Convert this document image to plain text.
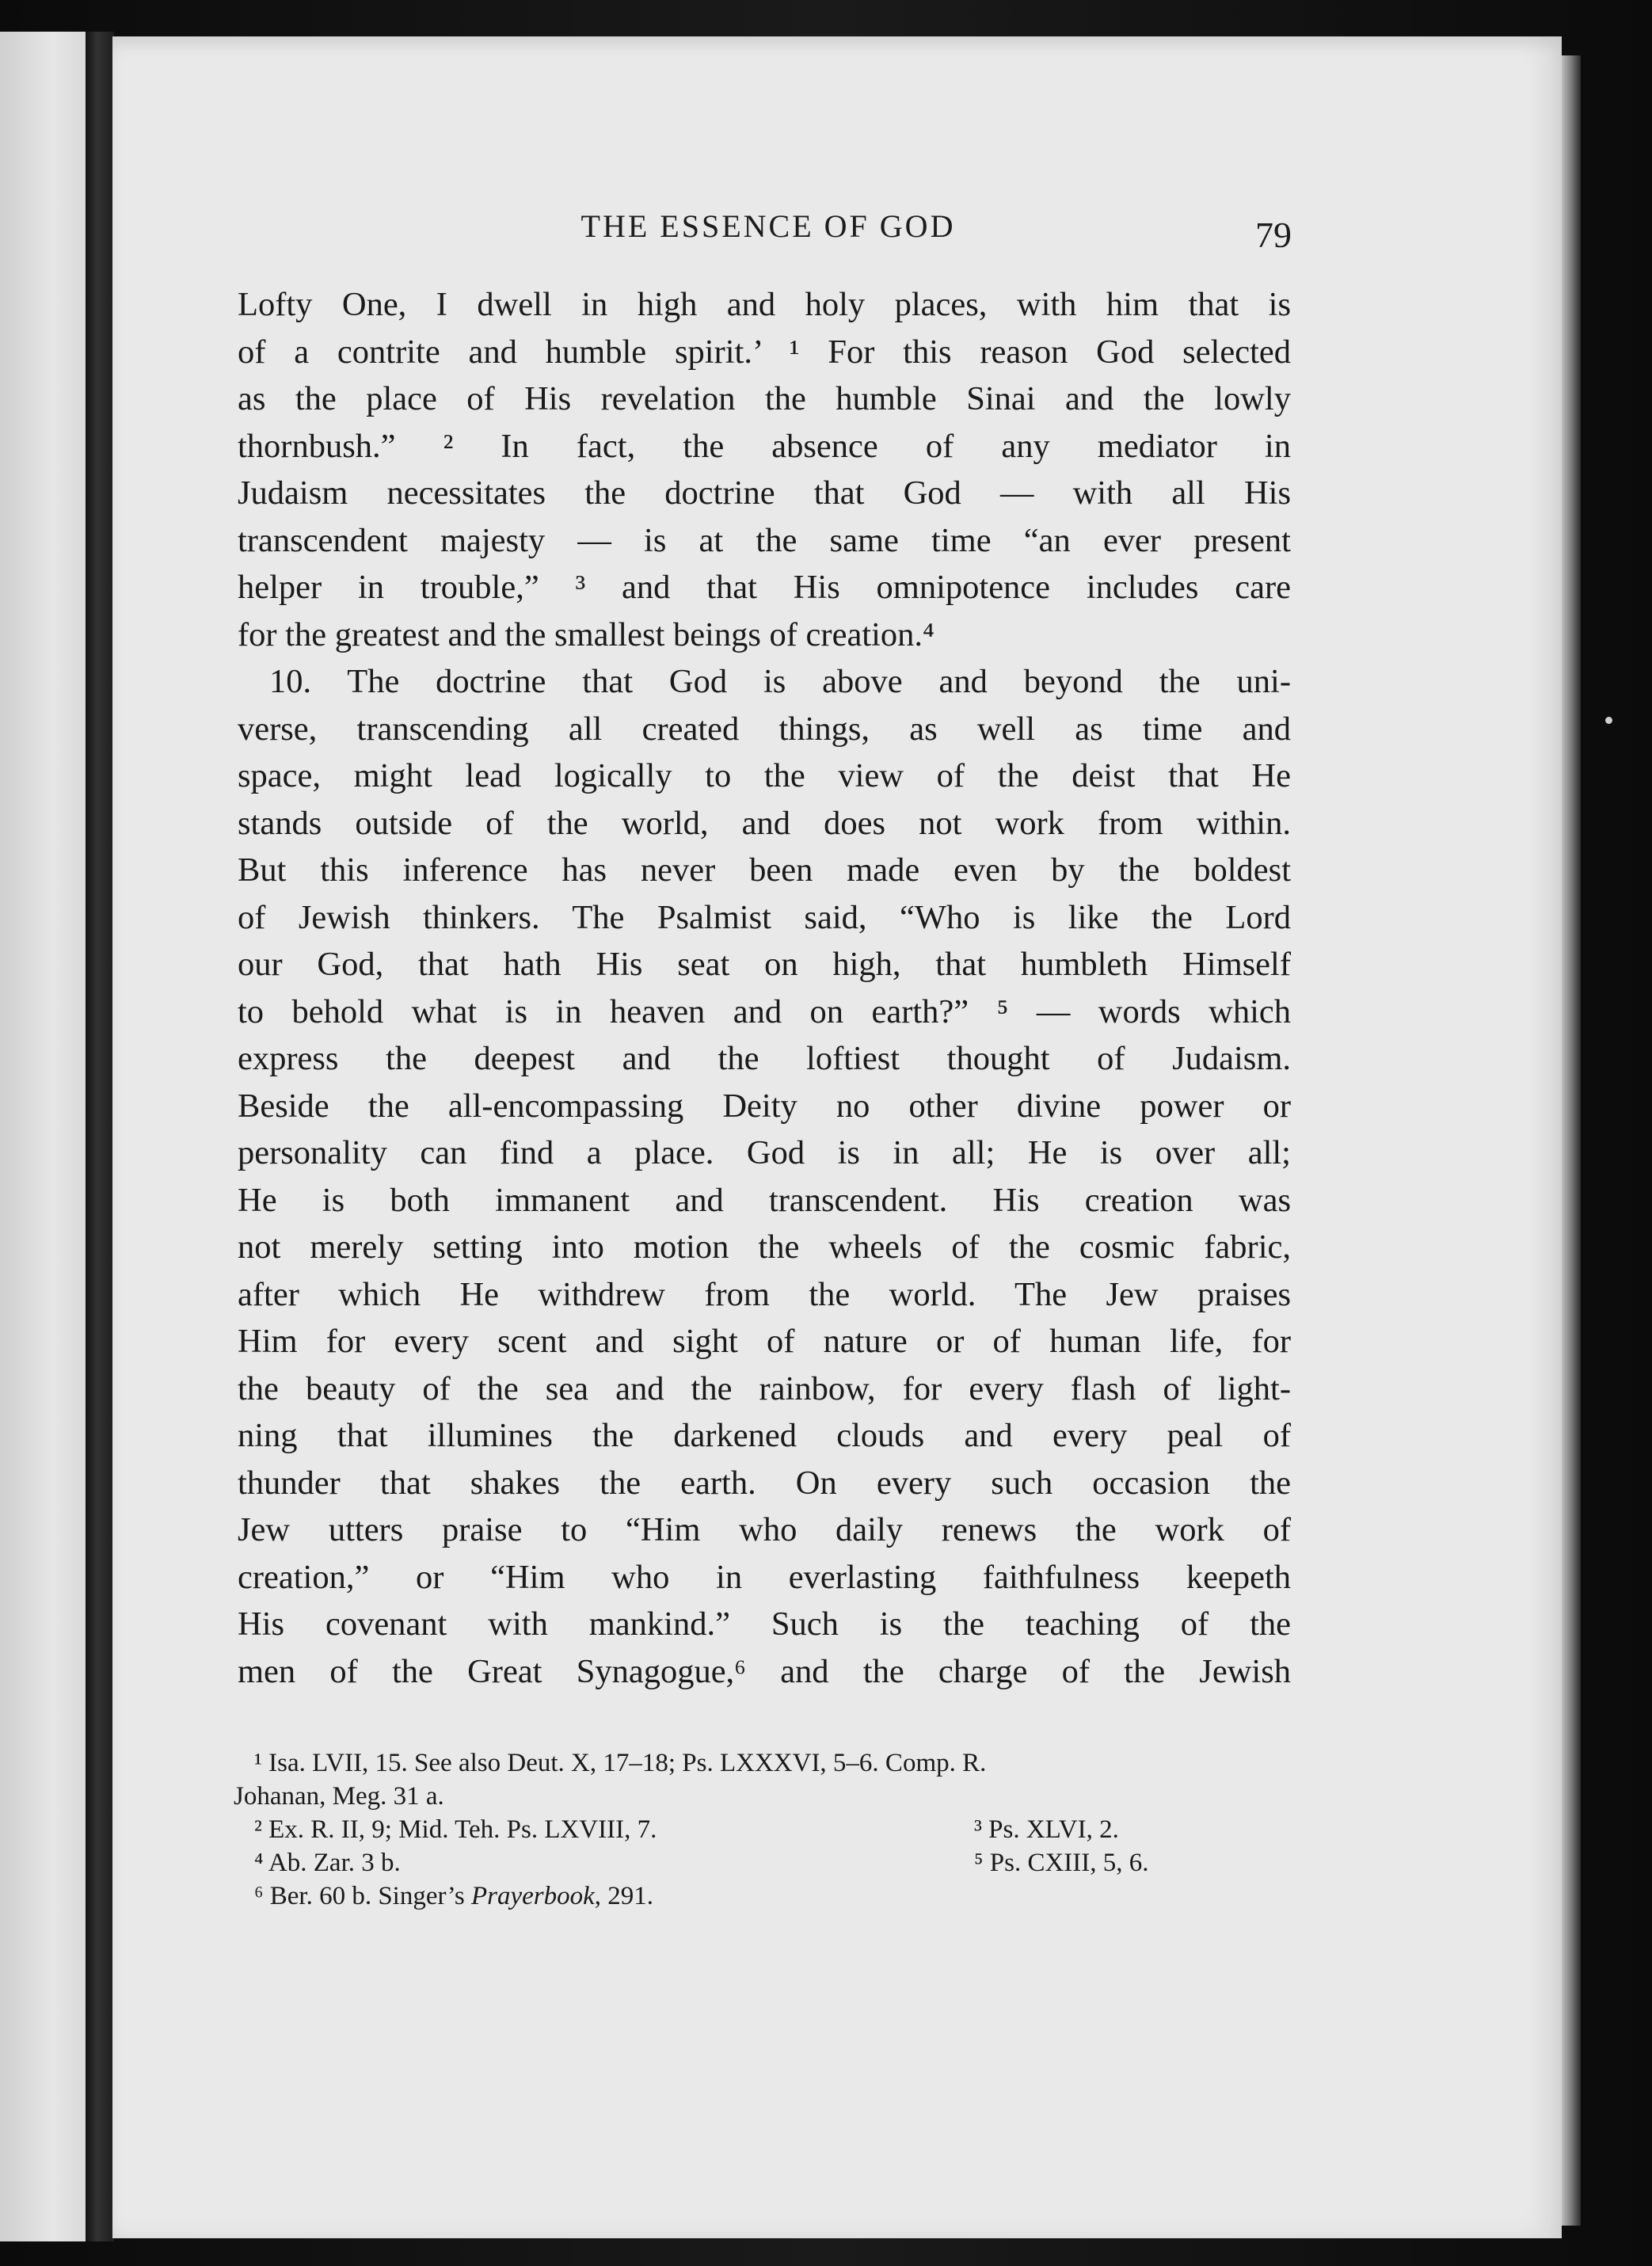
THE ESSENCE OF GOD	79
Lofty One, I dwell in high and holy places, with him that is
of a contrite and humble spirit.’ ¹ For this reason God selected
as the place of His revelation the humble Sinai and the lowly
thornbush.” ² In fact, the absence of any mediator in
Judaism necessitates the doctrine that God — with all His
transcendent majesty — is at the same time “an ever present
helper in trouble,” ³ and that His omnipotence includes care
for the greatest and the smallest beings of creation.⁴
10. The doctrine that God is above and beyond the uni-
verse, transcending all created things, as well as time and
space, might lead logically to the view of the deist that He
stands outside of the world, and does not work from within.
But this inference has never been made even by the boldest
of Jewish thinkers. The Psalmist said, “Who is like the Lord
our God, that hath His seat on high, that humbleth Himself
to behold what is in heaven and on earth?” ⁵ — words which
express the deepest and the loftiest thought of Judaism.
Beside the all-encompassing Deity no other divine power or
personality can find a place. God is in all; He is over all;
He is both immanent and transcendent. His creation was
not merely setting into motion the wheels of the cosmic fabric,
after which He withdrew from the world. The Jew praises
Him for every scent and sight of nature or of human life, for
the beauty of the sea and the rainbow, for every flash of light-
ning that illumines the darkened clouds and every peal of
thunder that shakes the earth. On every such occasion the
Jew utters praise to “Him who daily renews the work of
creation,” or “Him who in everlasting faithfulness keepeth
His covenant with mankind.” Such is the teaching of the
men of the Great Synagogue,⁶ and the charge of the Jewish
¹ Isa. LVII, 15. See also Deut. X, 17–18; Ps. LXXXVI, 5–6. Comp. R.
Johanan, Meg. 31 a.
² Ex. R. II, 9; Mid. Teh. Ps. LXVIII, 7.	³ Ps. XLVI, 2.
⁴ Ab. Zar. 3 b.	⁵ Ps. CXIII, 5, 6.
⁶ Ber. 60 b. Singer’s Prayerbook, 291.
